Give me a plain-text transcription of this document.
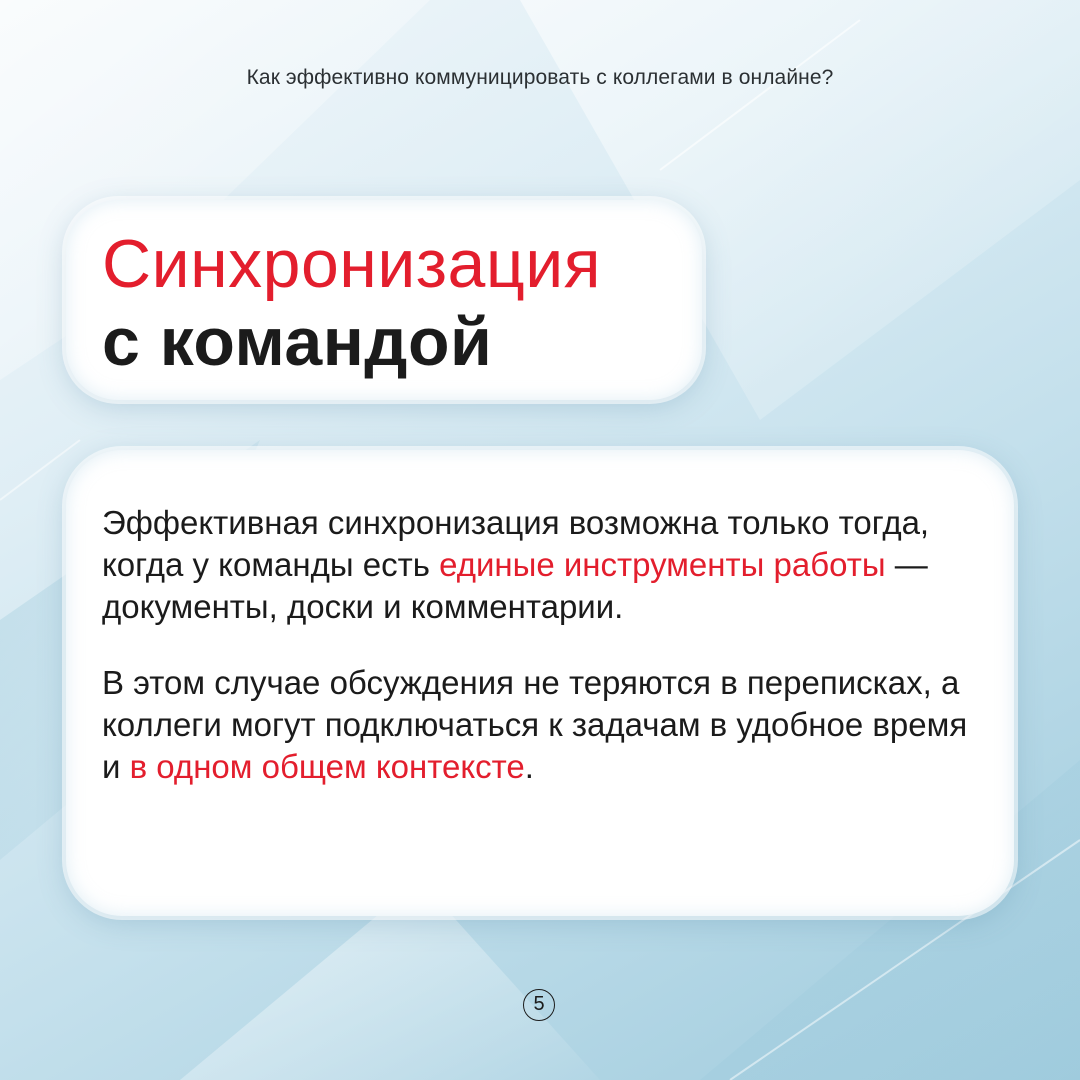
Как эффективно коммуницировать с коллегами в онлайне?
Синхронизация
с командой

Эффективная синхронизация возможна только тогда, когда у команды есть единые инструменты работы — документы, доски и комментарии.

В этом случае обсуждения не теряются в переписках, а коллеги могут подключаться к задачам в удобное время и в одном общем контексте.

5
